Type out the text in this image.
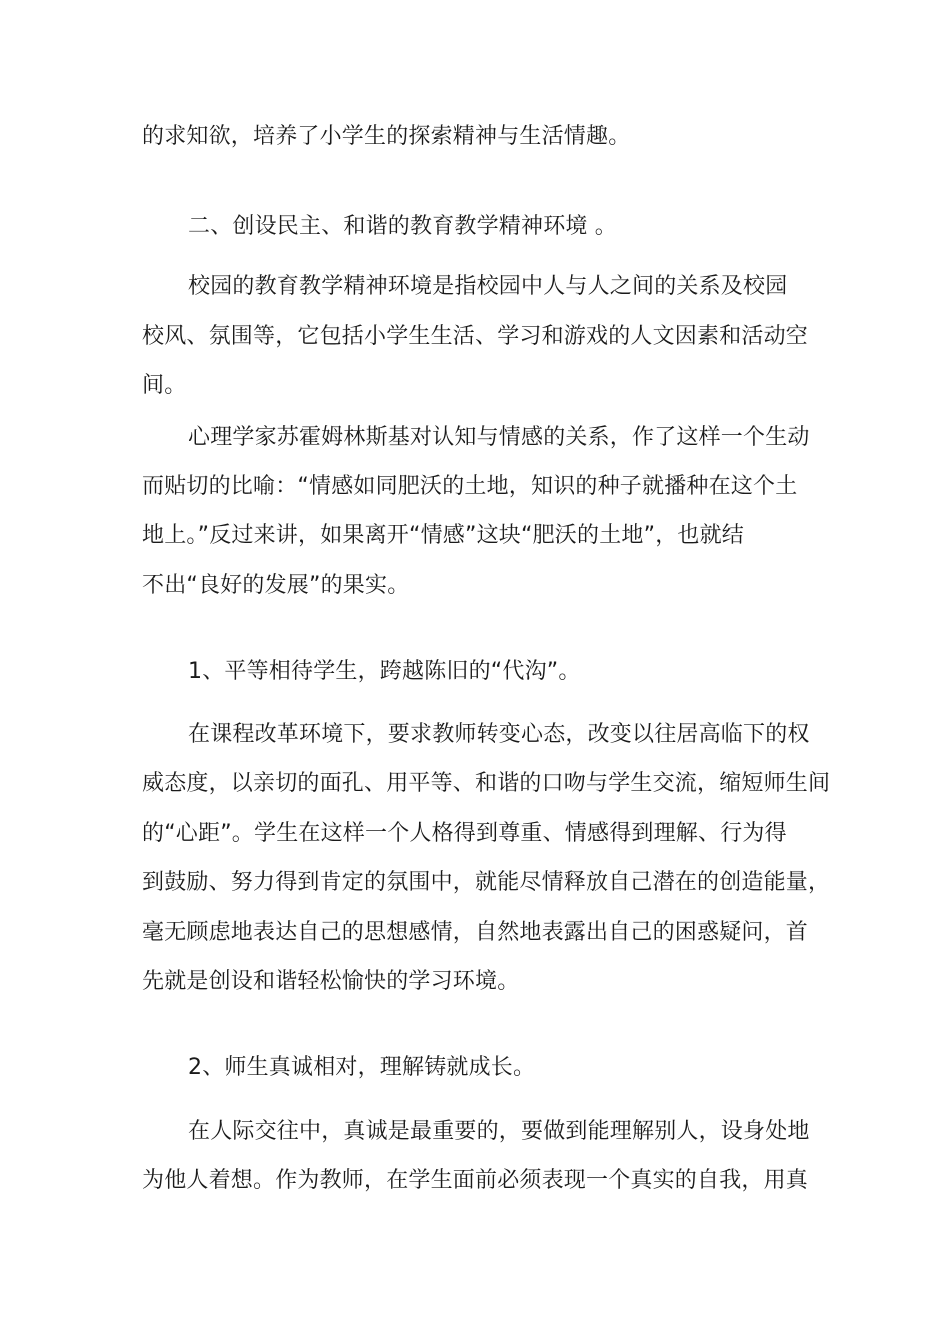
的求知欲，培养了小学生的探索精神与生活情趣。
二、创设民主、和谐的教育教学精神环境 。
校园的教育教学精神环境是指校园中人与人之间的关系及校园
校风、氛围等，它包括小学生生活、学习和游戏的人文因素和活动空
间。
心理学家苏霍姆林斯基对认知与情感的关系，作了这样一个生动
而贴切的比喻：“情感如同肥沃的土地，知识的种子就播种在这个土
地上。”反过来讲，如果离开“情感”这块“肥沃的土地”，也就结
不出“良好的发展”的果实。
1、平等相待学生，跨越陈旧的“代沟”。
在课程改革环境下，要求教师转变心态，改变以往居高临下的权
威态度，以亲切的面孔、用平等、和谐的口吻与学生交流，缩短师生间
的“心距”。学生在这样一个人格得到尊重、情感得到理解、行为得
到鼓励、努力得到肯定的氛围中，就能尽情释放自己潜在的创造能量，
毫无顾虑地表达自己的思想感情，自然地表露出自己的困惑疑问，首
先就是创设和谐轻松愉快的学习环境。
2、师生真诚相对，理解铸就成长。
在人际交往中，真诚是最重要的，要做到能理解别人，设身处地
为他人着想。作为教师，在学生面前必须表现一个真实的自我，用真
